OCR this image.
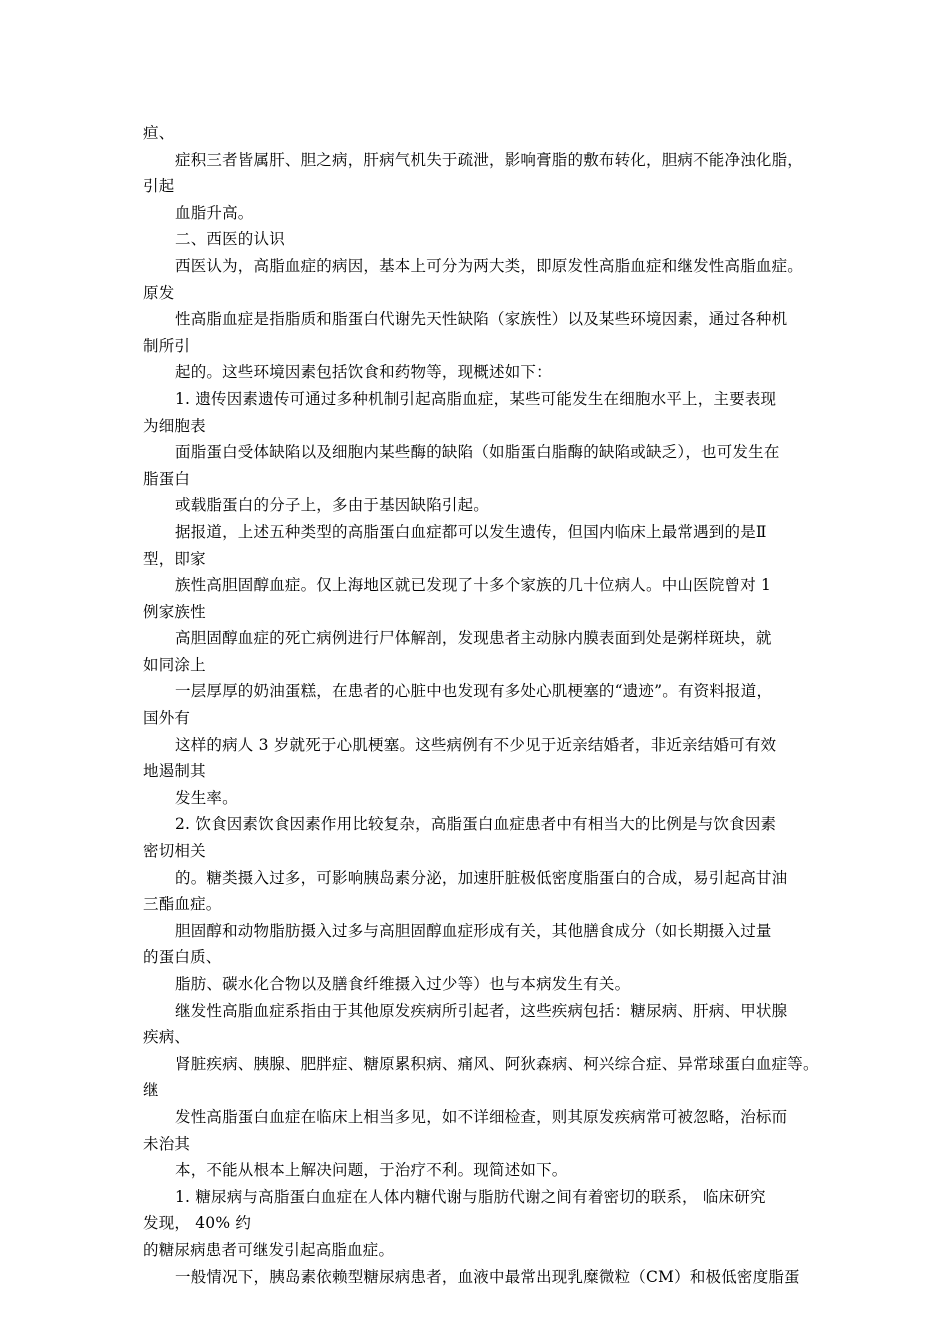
疸、
症积三者皆属肝、胆之病，肝病气机失于疏泄，影响膏脂的敷布转化，胆病不能净浊化脂，
引起
血脂升高。
二、西医的认识
西医认为，高脂血症的病因，基本上可分为两大类，即原发性高脂血症和继发性高脂血症。
原发
性高脂血症是指脂质和脂蛋白代谢先天性缺陷（家族性）以及某些环境因素，通过各种机
制所引
起的。这些环境因素包括饮食和药物等，现概述如下：
1. 遗传因素遗传可通过多种机制引起高脂血症，某些可能发生在细胞水平上，主要表现
为细胞表
面脂蛋白受体缺陷以及细胞内某些酶的缺陷（如脂蛋白脂酶的缺陷或缺乏），也可发生在
脂蛋白
或载脂蛋白的分子上，多由于基因缺陷引起。
据报道，上述五种类型的高脂蛋白血症都可以发生遗传，但国内临床上最常遇到的是Ⅱ
型，即家
族性高胆固醇血症。仅上海地区就已发现了十多个家族的几十位病人。中山医院曾对 1
例家族性
高胆固醇血症的死亡病例进行尸体解剖，发现患者主动脉内膜表面到处是粥样斑块，就
如同涂上
一层厚厚的奶油蛋糕，在患者的心脏中也发现有多处心肌梗塞的“遗迹”。有资料报道，
国外有
这样的病人 3 岁就死于心肌梗塞。这些病例有不少见于近亲结婚者，非近亲结婚可有效
地遏制其
发生率。
2. 饮食因素饮食因素作用比较复杂，高脂蛋白血症患者中有相当大的比例是与饮食因素
密切相关
的。糖类摄入过多，可影响胰岛素分泌，加速肝脏极低密度脂蛋白的合成，易引起高甘油
三酯血症。
胆固醇和动物脂肪摄入过多与高胆固醇血症形成有关，其他膳食成分（如长期摄入过量
的蛋白质、
脂肪、碳水化合物以及膳食纤维摄入过少等）也与本病发生有关。
继发性高脂血症系指由于其他原发疾病所引起者，这些疾病包括：糖尿病、肝病、甲状腺
疾病、
肾脏疾病、胰腺、肥胖症、糖原累积病、痛风、阿狄森病、柯兴综合症、异常球蛋白血症等。
继
发性高脂蛋白血症在临床上相当多见，如不详细检查，则其原发疾病常可被忽略，治标而
未治其
本，不能从根本上解决问题，于治疗不利。现简述如下。
1. 糖尿病与高脂蛋白血症在人体内糖代谢与脂肪代谢之间有着密切的联系， 临床研究
发现， 40% 约
的糖尿病患者可继发引起高脂血症。
一般情况下，胰岛素依赖型糖尿病患者，血液中最常出现乳糜微粒（CM）和极低密度脂蛋
